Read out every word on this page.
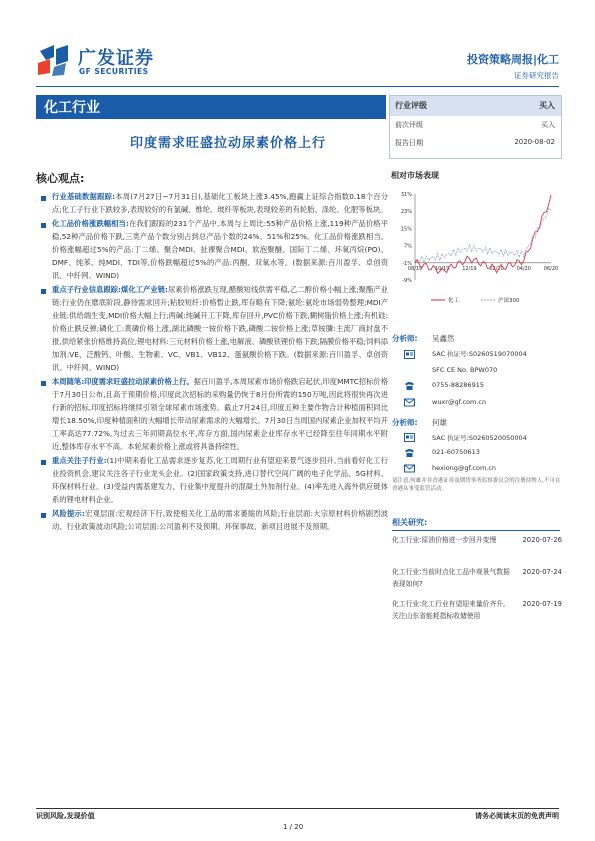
广发证券
GF SECURITIES
投资策略周报|化工
证券研究报告
化工行业
印度需求旺盛拉动尿素价格上行
行业评级	买入
前次评级	买入
报告日期	2020-08-02
核心观点:

行业基础数据跟踪:本周(7月27日~7月31日),基础化工板块上涨3.45%,跑赢上证综合指数0.18个百分点;化工子行业下跌较多,表现较好的有氯碱、维纶、玻纤等板块,表现较差的有轮胎、涤纶、化肥等板块。

化工品价格涨跌幅相当:在我们跟踪的231个产品中,本周与上周比:55种产品价格上涨,119种产品价格平稳,52种产品价格下跌,三类产品个数分别占到总产品个数的24%、51%和25%。化工品价格涨跌相当。价格涨幅超过5%的产品:丁二烯、聚合MDI、扯裸聚合MDI、软泡聚醚、国际丁二烯、环氧丙烷(PO)、DMF、纯苯、纯MDI、TDI等,价格跌幅超过5%的产品:丙酮、双氧水等。(数据来源:百川盈孚、卓创资讯、中纤网、WIND)

重点子行业信息跟踪:煤化工产业链:尿素价格涨跌互现,醋酸短线供需平稳,乙二醇价格小幅上涨;聚酯产业链:行业仍在磨底阶段,静待需求回升;粘胶短纤:价格暂止跌,库存略有下降;氨纶:氨纶市场弱势整理;MDI产业链:供给端生变,MDI价格大幅上行;两碱:纯碱开工下降,库存回升,PVC价格下跌,糊树脂价格上涨;有机硅:价格止跌反弹;磷化工:黄磷价格上涨,湖北磷酸一铵价格下跌,磷酸二铵价格上涨;草铵膦:主流厂商封盘不报,供给紧张价格维持高位;锂电材料:三元材料价格上涨,电解液、磷酸铁锂价格下跌,隔膜价格平稳;饲料添加剂:VE、泛酸钙、叶酸、生物素、VC、VB1、VB12、蛋氨酸价格下跌。(数据来源:百川盈孚、卓创资讯、中纤网、WIND)

本周随笔:印度需求旺盛拉动尿素价格上行。据百川盈孚,本周尿素市场价格跌宕起伏,印度MMTC招标价格于7月30日公布,且高于预期价格,印度此次招标的采购量仍恢于8月份所需的150万吨,因此将很快再次进行新的招标,印度招标将继续引领全球尿素市场涨势。截止7月24日,印度五种主要作物合计种植面积同比增长18.50%,印度种植面积的大幅增长带动尿素需求的大幅增长。7月30日当周国内尿素企业加权平均开工率高达77.72%,为过去三年同期高位水平,库存方面,国内尿素企业库存水平已经降至往年同期水平附近,整体库存水平不高。本轮尿素价格上涨或将具备持续性。

重点关注子行业:(1)中期来看化工品需求逐步复苏,化工周期行业有望迎来景气逐步回升,当前看好化工行业投资机会,建议关注各子行业龙头企业。(2)国家政策支持,进口替代空间广阔的电子化学品、5G材料、环保材料行业。(3)受益内需基建发力、行业集中度提升的混凝土外加剂行业。(4)率先进入海外供应链体系的锂电材料企业。

风险提示:宏观层面:宏观经济下行,致使相关化工品的需求萎缩的风险;行业层面:大宗原材料价格剧烈波动、行业政策波动风险;公司层面:公司盈利不及预期、环保事故、新项目进展不及预期。

相对市场表现
31%
23%
15%
7%
-1%
-9%
08/19	10/19	12/19	02/20	04/20	06/20
化工	沪深300
分析师: 吴鑫然
SAC 执证号:S0260519070004
SFC CE No. BPW070
0755-88286915
wuxr@gf.com.cn
分析师: 何雄
SAC 执证号:S0260520050004
021-60750613
hexiong@gf.com.cn
请注意,何雄并非香港证券及期货事务监察委员会的注册持牌人,不可在香港从事受监管活动。
相关研究:
化工行业:原油价格进一步回升变慢	2020-07-26
化工行业:当前时点化工品中观景气数据表现如何?
2020-07-24
化工行业:化工行业有望迎来量价齐升,关注山东省能耗指标收储使用
2020-07-19
识别风险,发现价值	请务必阅读末页的免责声明
1 / 20
